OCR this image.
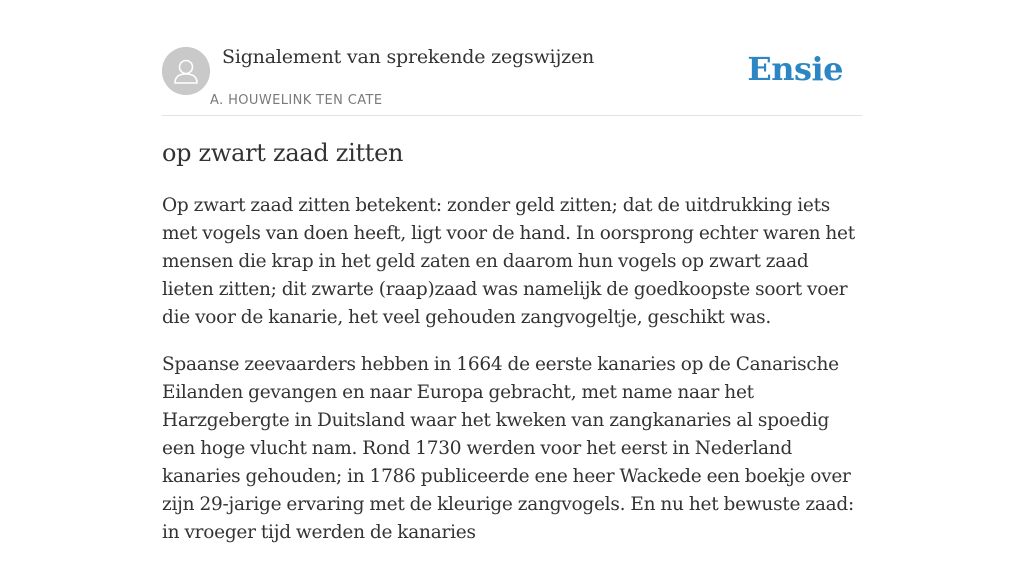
Signalement van sprekende zegswijzen
A. HOUWELINK TEN CATE
Ensie
op zwart zaad zitten

Op zwart zaad zitten betekent: zonder geld zitten; dat de uitdrukking iets met vogels van doen heeft, ligt voor de hand. In oorsprong echter waren het mensen die krap in het geld zaten en daarom hun vogels op zwart zaad lieten zitten; dit zwarte (raap)zaad was namelijk de goedkoopste soort voer die voor de kanarie, het veel gehouden zangvogeltje, geschikt was.

Spaanse zeevaarders hebben in 1664 de eerste kanaries op de Canarische Eilanden gevangen en naar Europa gebracht, met name naar het Harzgebergte in Duitsland waar het kweken van zangkanaries al spoedig een hoge vlucht nam. Rond 1730 werden voor het eerst in Nederland kanaries gehouden; in 1786 publiceerde ene heer Wackede een boekje over zijn 29-jarige ervaring met de kleurige zangvogels. En nu het bewuste zaad: in vroeger tijd werden de kanaries
